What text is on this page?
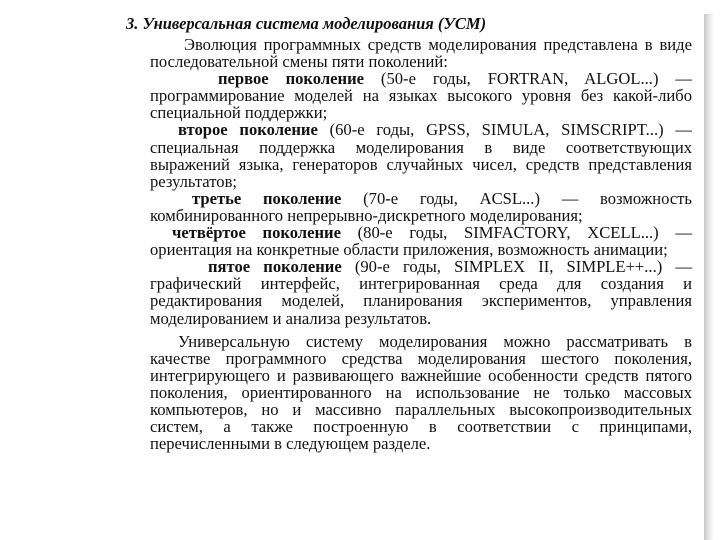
3. Универсальная система моделирования (УСМ)

Эволюция программных средств моделирования представлена в виде последовательной смены пяти поколений:

первое поколение (50-е годы, FORTRAN, ALGOL...) — программирование моделей на языках высокого уровня без какой-либо специальной поддержки;

второе поколение (60-е годы, GPSS, SIMULA, SIMSCRIPT...) — специальная поддержка моделирования в виде соответствующих выражений языка, генераторов случайных чисел, средств представления результатов;

третье поколение (70-е годы, ACSL...) — возможность комбинированного непрерывно-дискретного моделирования;

четвёртое поколение (80-е годы, SIMFACTORY, XCELL...) — ориентация на конкретные области приложения, возможность анимации;

пятое поколение (90-е годы, SIMPLEX II, SIMPLE++...) — графический интерфейс, интегрированная среда для создания и редактирования моделей, планирования экспериментов, управления моделированием и анализа результатов.

Универсальную систему моделирования можно рассматривать в качестве программного средства моделирования шестого поколения, интегрирующего и развивающего важнейшие особенности средств пятого поколения, ориентированного на использование не только массовых компьютеров, но и массивно параллельных высокопроизводительных систем, а также построенную в соответствии с принципами, перечисленными в следующем разделе.
